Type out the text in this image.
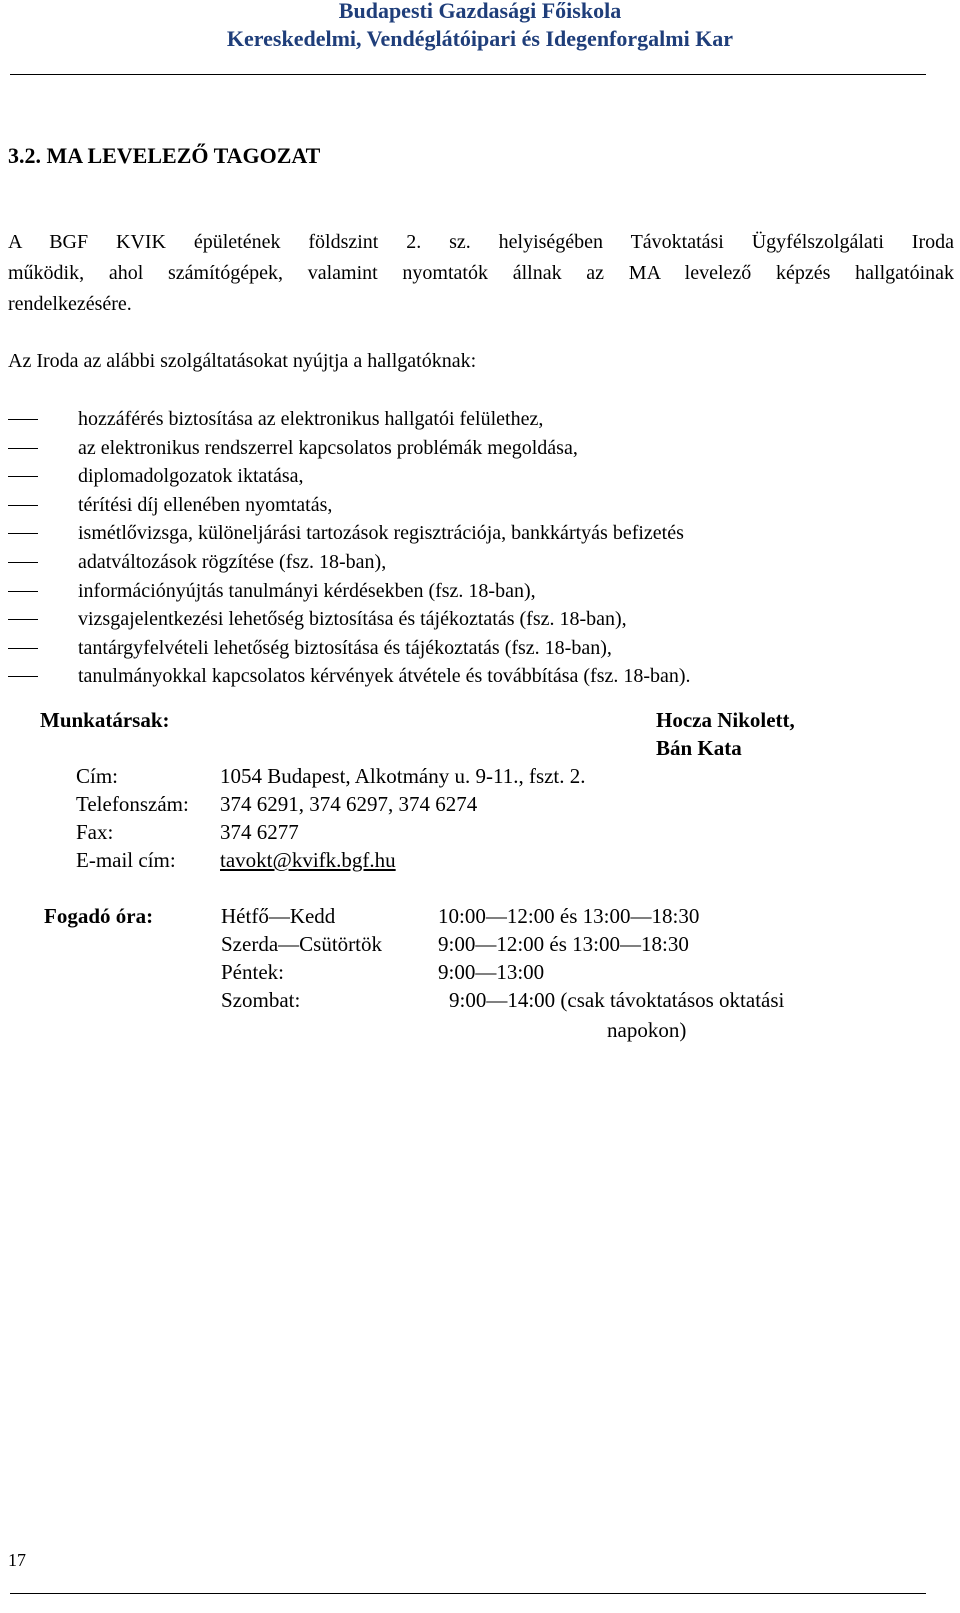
Budapesti Gazdasági Főiskola
Kereskedelmi, Vendéglátóipari és Idegenforgalmi Kar
3.2. MA LEVELEZŐ TAGOZAT
A BGF KVIK épületének földszint 2. sz. helyiségében Távoktatási Ügyfélszolgálati Iroda
működik, ahol számítógépek, valamint nyomtatók állnak az MA levelező képzés hallgatóinak
rendelkezésére.
Az Iroda az alábbi szolgáltatásokat nyújtja a hallgatóknak:
hozzáférés biztosítása az elektronikus hallgatói felülethez,
az elektronikus rendszerrel kapcsolatos problémák megoldása,
diplomadolgozatok iktatása,
térítési díj ellenében nyomtatás,
ismétlővizsga, különeljárási tartozások regisztrációja, bankkártyás befizetés
adatváltozások rögzítése (fsz. 18-ban),
információnyújtás tanulmányi kérdésekben (fsz. 18-ban),
vizsgajelentkezési lehetőség biztosítása és tájékoztatás (fsz. 18-ban),
tantárgyfelvételi lehetőség biztosítása és tájékoztatás (fsz. 18-ban),
tanulmányokkal kapcsolatos kérvények átvétele és továbbítása (fsz. 18-ban).
Munkatársak:	Hocza Nikolett,
Bán Kata
Cím:	1054 Budapest, Alkotmány u. 9-11., fszt. 2.
Telefonszám: 374 6291, 374 6297, 374 6274
Fax:	374 6277
E-mail cím: tavokt@kvifk.bgf.hu
Fogadó óra:	Hétfő—Kedd	10:00—12:00 és 13:00—18:30
Szerda—Csütörtök	9:00—12:00 és 13:00—18:30
Péntek:	9:00—13:00
Szombat:	9:00—14:00 (csak távoktatásos oktatási
napokon)
17
